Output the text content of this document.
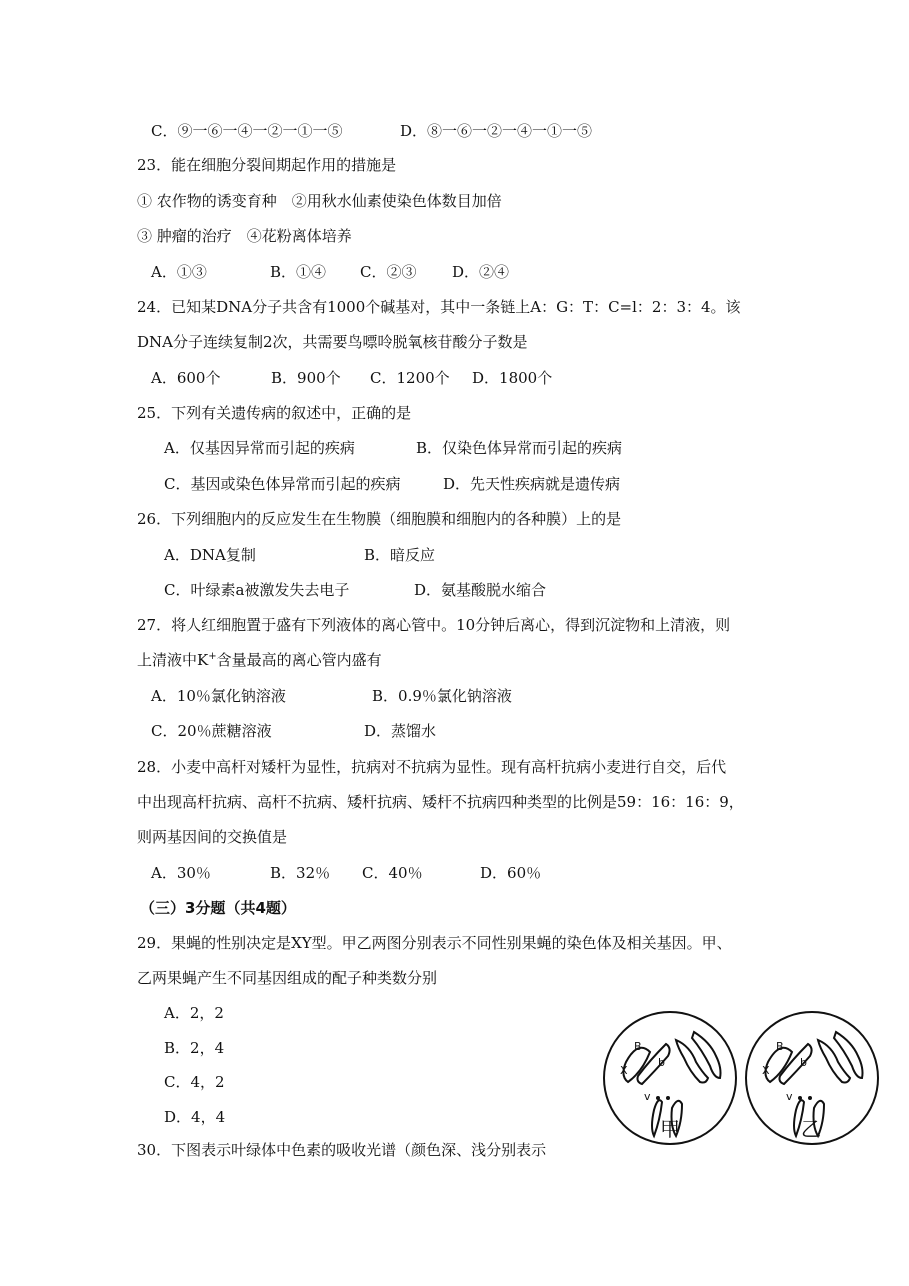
C．⑨一⑥一④一②一①一⑤	D．⑧一⑥一②一④一①一⑤
23．能在细胞分裂间期起作用的措施是
① 农作物的诱变育种　②用秋水仙素使染色体数目加倍
③ 肿瘤的治疗　④花粉离体培养
A．①③	B．①④ C．②③ D．②④
24．已知某DNA分子共含有1000个碱基对，其中一条链上A：G：T：C=l：2：3：4。该
DNA分子连续复制2次，共需要鸟嘌呤脱氧核苷酸分子数是
A．600个	B．900个 C．1200个 D．1800个
25．下列有关遗传病的叙述中，正确的是
A．仅基因异常而引起的疾病	B．仅染色体异常而引起的疾病
C．基因或染色体异常而引起的疾病	D．先天性疾病就是遗传病
26．下列细胞内的反应发生在生物膜（细胞膜和细胞内的各种膜）上的是
A．DNA复制	B．暗反应
C．叶绿素a被激发失去电子	D．氨基酸脱水缩合
27．将人红细胞置于盛有下列液体的离心管中。10分钟后离心，得到沉淀物和上清液，则
上清液中K+含量最高的离心管内盛有
A．10％氯化钠溶液	B．0.9％氯化钠溶液
C．20％蔗糖溶液	D．蒸馏水
28．小麦中高杆对矮杆为显性，抗病对不抗病为显性。现有高杆抗病小麦进行自交，后代
中出现高杆抗病、高杆不抗病、矮杆抗病、矮杆不抗病四种类型的比例是59：16：16：9，
则两基因间的交换值是
A．30％	B．32％ C．40％	D．60％
（三）3分题（共4题）
29．果蝇的性别决定是XY型。甲乙两图分别表示不同性别果蝇的染色体及相关基因。甲、
乙两果蝇产生不同基因组成的配子种类数分别
A．2，2
B．2，4
C．4，2
D．4，4
B
b
X
v
B
b
X
v
甲	乙
30．下图表示叶绿体中色素的吸收光谱（颜色深、浅分别表示
